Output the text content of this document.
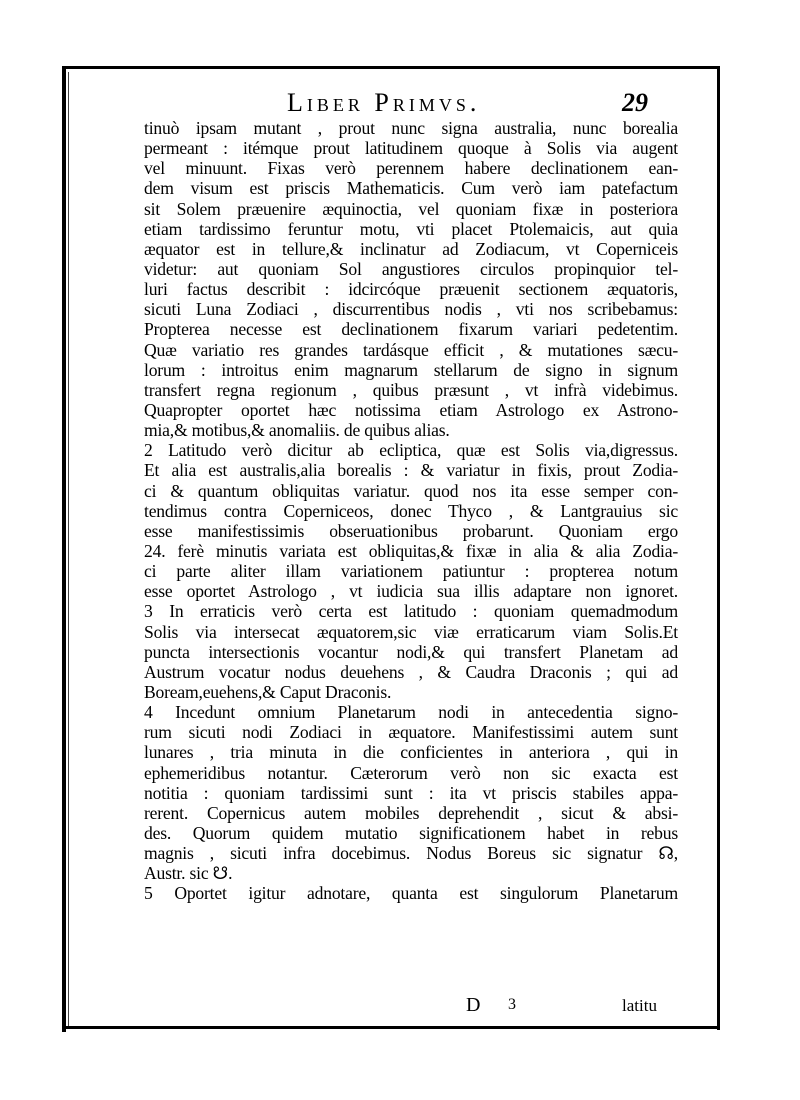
Liber Primvs.	29
tinuò ipsam mutant , prout nunc signa australia, nunc borealia
permeant : itémque prout latitudinem quoque à Solis via augent
vel minuunt. Fixas verò perennem habere declinationem ean-
dem visum est priscis Mathematicis. Cum verò iam patefactum
sit Solem præuenire æquinoctia, vel quoniam fixæ in posteriora
etiam tardissimo feruntur motu, vti placet Ptolemaicis, aut quia
æquator est in tellure,& inclinatur ad Zodiacum, vt Coperniceis
videtur: aut quoniam Sol angustiores circulos propinquior tel-
luri factus describit : idcircóque præuenit sectionem æquatoris,
sicuti Luna Zodiaci , discurrentibus nodis , vti nos scribebamus:
Propterea necesse est declinationem fixarum variari pedetentim.
Quæ variatio res grandes tardásque efficit , & mutationes sæcu-
lorum : introitus enim magnarum stellarum de signo in signum
transfert regna regionum , quibus præsunt , vt infrà videbimus.
Quapropter oportet hæc notissima etiam Astrologo ex Astrono-
mia,& motibus,& anomaliis. de quibus alias.
2 Latitudo verò dicitur ab ecliptica, quæ est Solis via,digressus.
Et alia est australis,alia borealis : & variatur in fixis, prout Zodia-
ci & quantum obliquitas variatur. quod nos ita esse semper con-
tendimus contra Coperniceos, donec Thyco , & Lantgrauius sic
esse manifestissimis obseruationibus probarunt. Quoniam ergo
24. ferè minutis variata est obliquitas,& fixæ in alia & alia Zodia-
ci parte aliter illam variationem patiuntur : propterea notum
esse oportet Astrologo , vt iudicia sua illis adaptare non ignoret.
3 In erraticis verò certa est latitudo : quoniam quemadmodum
Solis via intersecat æquatorem,sic viæ erraticarum viam Solis.Et
puncta intersectionis vocantur nodi,& qui transfert Planetam ad
Austrum vocatur nodus deuehens , & Caudra Draconis ; qui ad
Boream,euehens,& Caput Draconis.
4 Incedunt omnium Planetarum nodi in antecedentia signo-
rum sicuti nodi Zodiaci in æquatore. Manifestissimi autem sunt
lunares , tria minuta in die conficientes in anteriora , qui in
ephemeridibus notantur. Cæterorum verò non sic exacta est
notitia : quoniam tardissimi sunt : ita vt priscis stabiles appa-
rerent. Copernicus autem mobiles deprehendit , sicut & absi-
des. Quorum quidem mutatio significationem habet in rebus
magnis , sicuti infra docebimus. Nodus Boreus sic signatur ☊,
Austr. sic ☋.
5 Oportet igitur adnotare, quanta est singulorum Planetarum
D 3	latitu
